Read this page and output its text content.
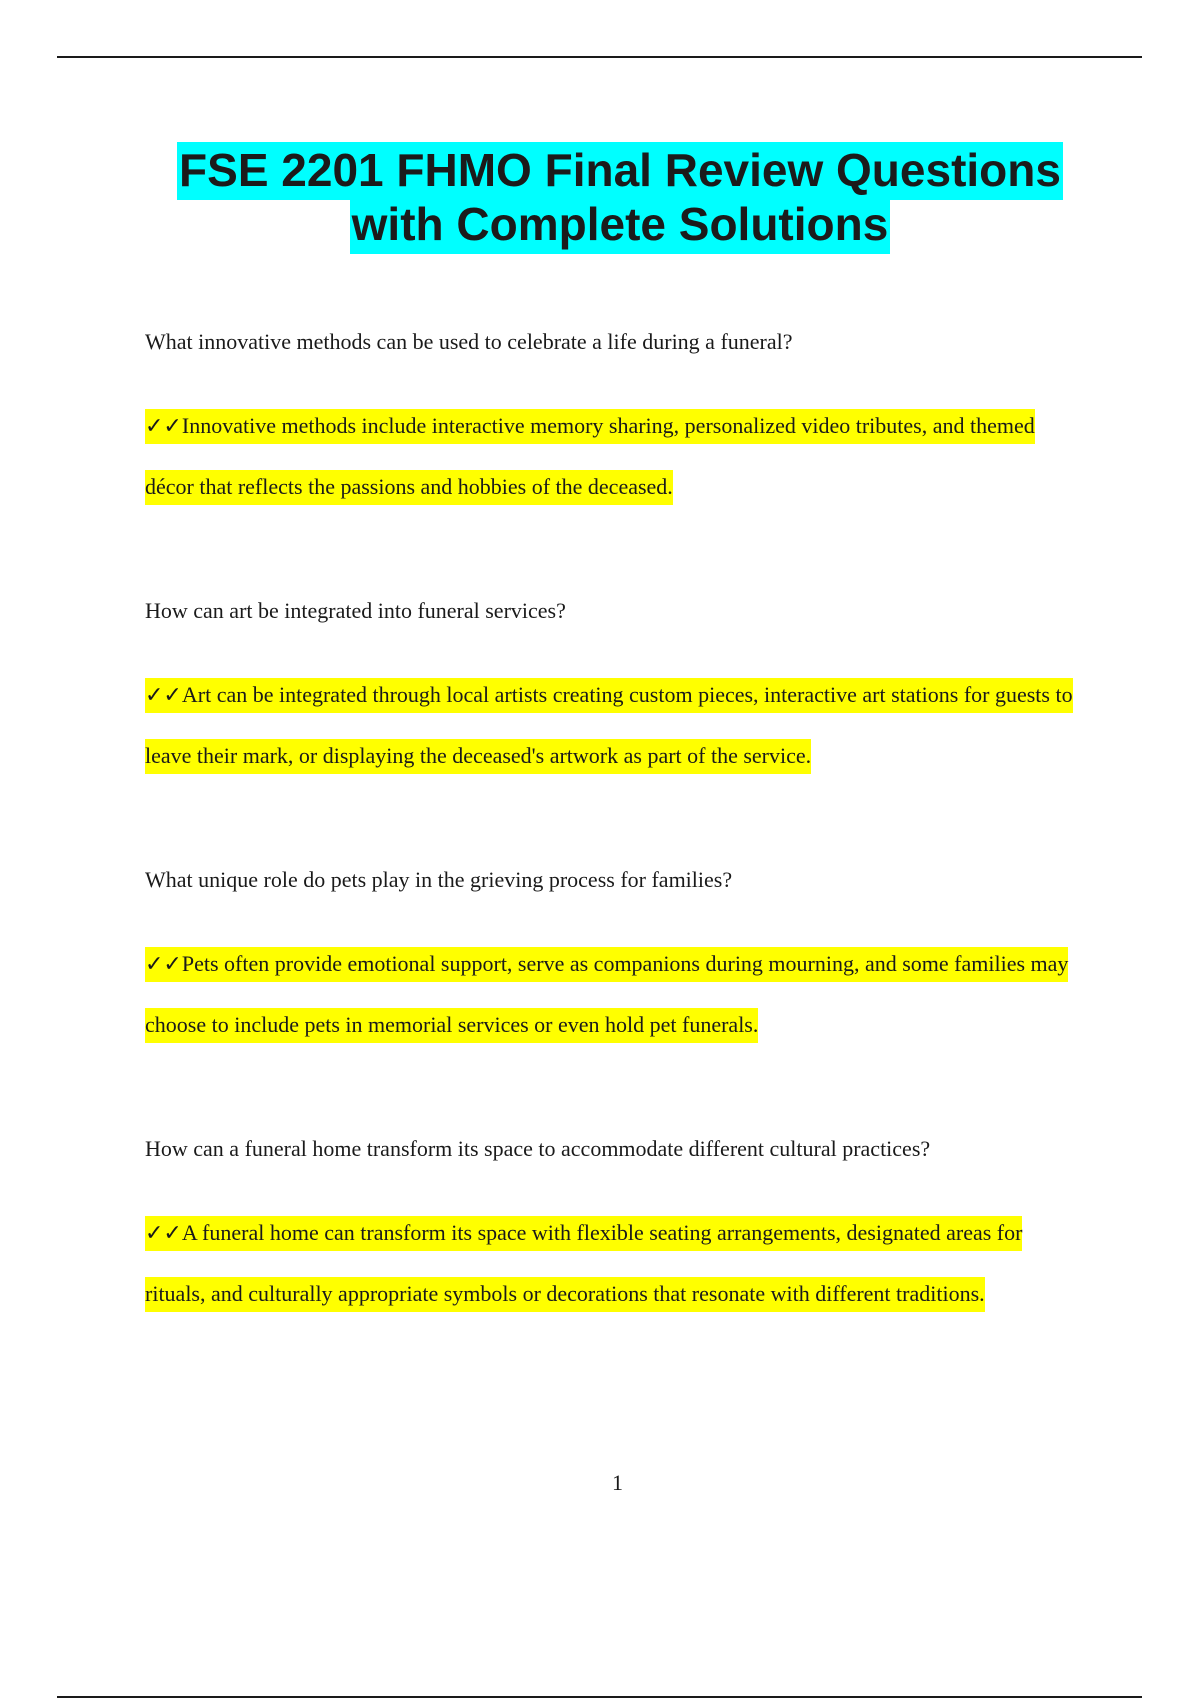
FSE 2201 FHMO Final Review Questions
with Complete Solutions

What innovative methods can be used to celebrate a life during a funeral?

✓✓Innovative methods include interactive memory sharing, personalized video tributes, and themed décor that reflects the passions and hobbies of the deceased.

How can art be integrated into funeral services?

✓✓Art can be integrated through local artists creating custom pieces, interactive art stations for guests to leave their mark, or displaying the deceased's artwork as part of the service.

What unique role do pets play in the grieving process for families?

✓✓Pets often provide emotional support, serve as companions during mourning, and some families may choose to include pets in memorial services or even hold pet funerals.

How can a funeral home transform its space to accommodate different cultural practices?

✓✓A funeral home can transform its space with flexible seating arrangements, designated areas for rituals, and culturally appropriate symbols or decorations that resonate with different traditions.

1
